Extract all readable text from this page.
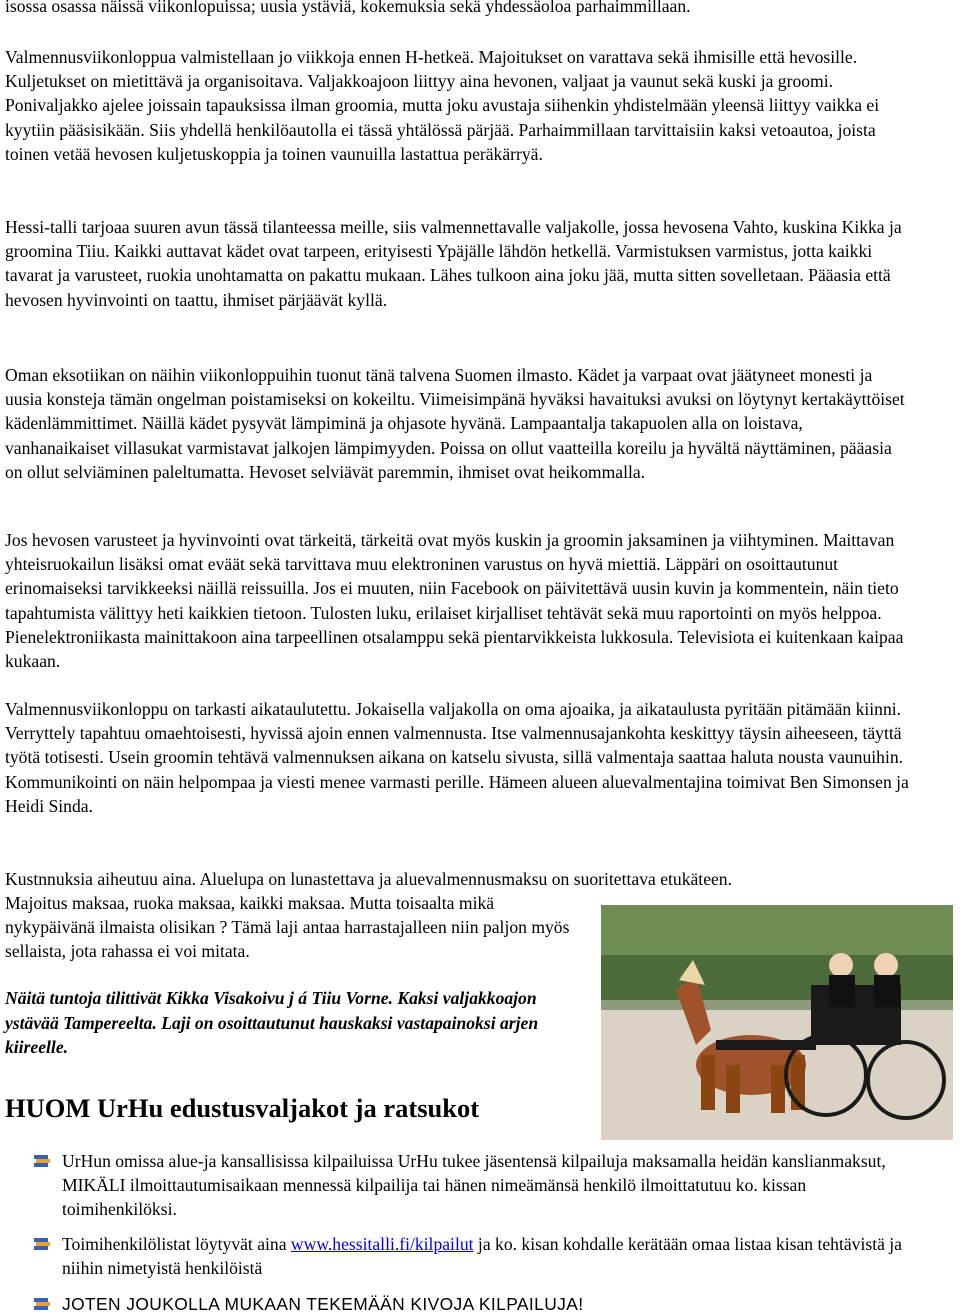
isossa osassa näissä viikonlopuissa; uusia ystäviä, kokemuksia sekä yhdessäoloa parhaimmillaan.

Valmennusviikonloppua valmistellaan jo viikkoja ennen H-hetkeä. Majoitukset on varattava sekä ihmisille että hevosille. Kuljetukset on mietittävä ja organisoitava. Valjakkoajoon liittyy aina hevonen, valjaat ja vaunut sekä kuski ja groomi. Ponivaljakko ajelee joissain tapauksissa ilman groomia, mutta joku avustaja siihenkin yhdistelmään yleensä liittyy vaikka ei kyytiin pääsisikään. Siis yhdellä henkilöautolla ei tässä yhtälössä pärjää. Parhaimmillaan tarvittaisiin kaksi vetoautoa, joista toinen vetää hevosen kuljetuskoppia ja toinen vaunuilla lastattua peräkärryä.

Hessi-talli tarjoaa suuren avun tässä tilanteessa meille, siis valmennettavalle valjakolle, jossa hevosena Vahto, kuskina Kikka ja groomina Tiiu. Kaikki auttavat kädet ovat tarpeen, erityisesti Ypäjälle lähdön hetkellä. Varmistuksen varmistus, jotta kaikki tavarat ja varusteet, ruokia unohtamatta on pakattu mukaan. Lähes tulkoon aina joku jää, mutta sitten sovelletaan. Pääasia että hevosen hyvinvointi on taattu, ihmiset pärjäävät kyllä.

Oman eksotiikan on näihin viikonloppuihin tuonut tänä talvena Suomen ilmasto. Kädet ja varpaat ovat jäätyneet monesti ja uusia konsteja tämän ongelman poistamiseksi on kokeiltu. Viimeisimpänä hyväksi havaituksi avuksi on löytynyt kertakäyttöiset kädenlämmittimet. Näillä kädet pysyvät lämpiminä ja ohjasote hyvänä. Lampaantalja takapuolen alla on loistava, vanhanaikaiset villasukat varmistavat jalkojen lämpimyyden. Poissa on ollut vaatteilla koreilu ja hyvältä näyttäminen, pääasia on ollut selviäminen paleltumatta. Hevoset selviävät paremmin, ihmiset ovat heikommalla.

Jos hevosen varusteet ja hyvinvointi ovat tärkeitä, tärkeitä ovat myös kuskin ja groomin jaksaminen ja viihtyminen. Maittavan yhteisruokailun lisäksi omat eväät sekä tarvittava muu elektroninen varustus on hyvä miettiä. Läppäri on osoittautunut erinomaiseksi tarvikkeeksi näillä reissuilla. Jos ei muuten, niin Facebook on päivitettävä uusin kuvin ja kommentein, näin tieto tapahtumista välittyy heti kaikkien tietoon. Tulosten luku, erilaiset kirjalliset tehtävät sekä muu raportointi on myös helppoa. Pienelektroniikasta mainittakoon aina tarpeellinen otsalamppu sekä pientarvikkeista lukkosula. Televisiota ei kuitenkaan kaipaa kukaan.

Valmennusviikonloppu on tarkasti aikataulutettu. Jokaisella valjakolla on oma ajoaika, ja aikataulusta pyritään pitämään kiinni. Verryttely tapahtuu omaehtoisesti, hyvissä ajoin ennen valmennusta. Itse valmennusajankohta keskittyy täysin aiheeseen, täyttä työtä totisesti. Usein groomin tehtävä valmennuksen aikana on katselu sivusta, sillä valmentaja saattaa haluta nousta vaunuihin. Kommunikointi on näin helpompaa ja viesti menee varmasti perille. Hämeen alueen aluevalmentajina toimivat Ben Simonsen ja Heidi Sinda.

Kustnnuksia aiheutuu aina. Aluelupa on lunastettava ja aluevalmennusmaksu on suoritettava etukäteen.

Majoitus maksaa, ruoka maksaa, kaikki maksaa. Mutta toisaalta mikä nykypäivänä ilmaista olisikan ? Tämä laji antaa harrastajalleen niin paljon myös sellaista, jota rahassa ei voi mitata.

Näitä tuntoja tilittivät Kikka Visakoivu j á Tiiu Vorne. Kaksi valjakkoajon ystävää Tampereelta. Laji on osoittautunut hauskaksi vastapainoksi arjen kiireelle.

HUOM UrHu edustusvaljakot ja ratsukot
UrHun omissa alue-ja kansallisissa kilpailuissa UrHu tukee jäsentensä kilpailuja maksamalla heidän kanslianmaksut, MIKÄLI ilmoittautumisaikaan mennessä kilpailija tai hänen nimeämänsä henkilö ilmoittatutuu ko. kissan toimihenkilöksi.
Toimihenkilölistat löytyvät aina www.hessitalli.fi/kilpailut ja ko. kisan kohdalle kerätään omaa listaa kisan tehtävistä ja niihin nimetyistä henkilöistä
JOTEN JOUKOLLA MUKAAN TEKEMÄÄN KIVOJA KILPAILUJA!
